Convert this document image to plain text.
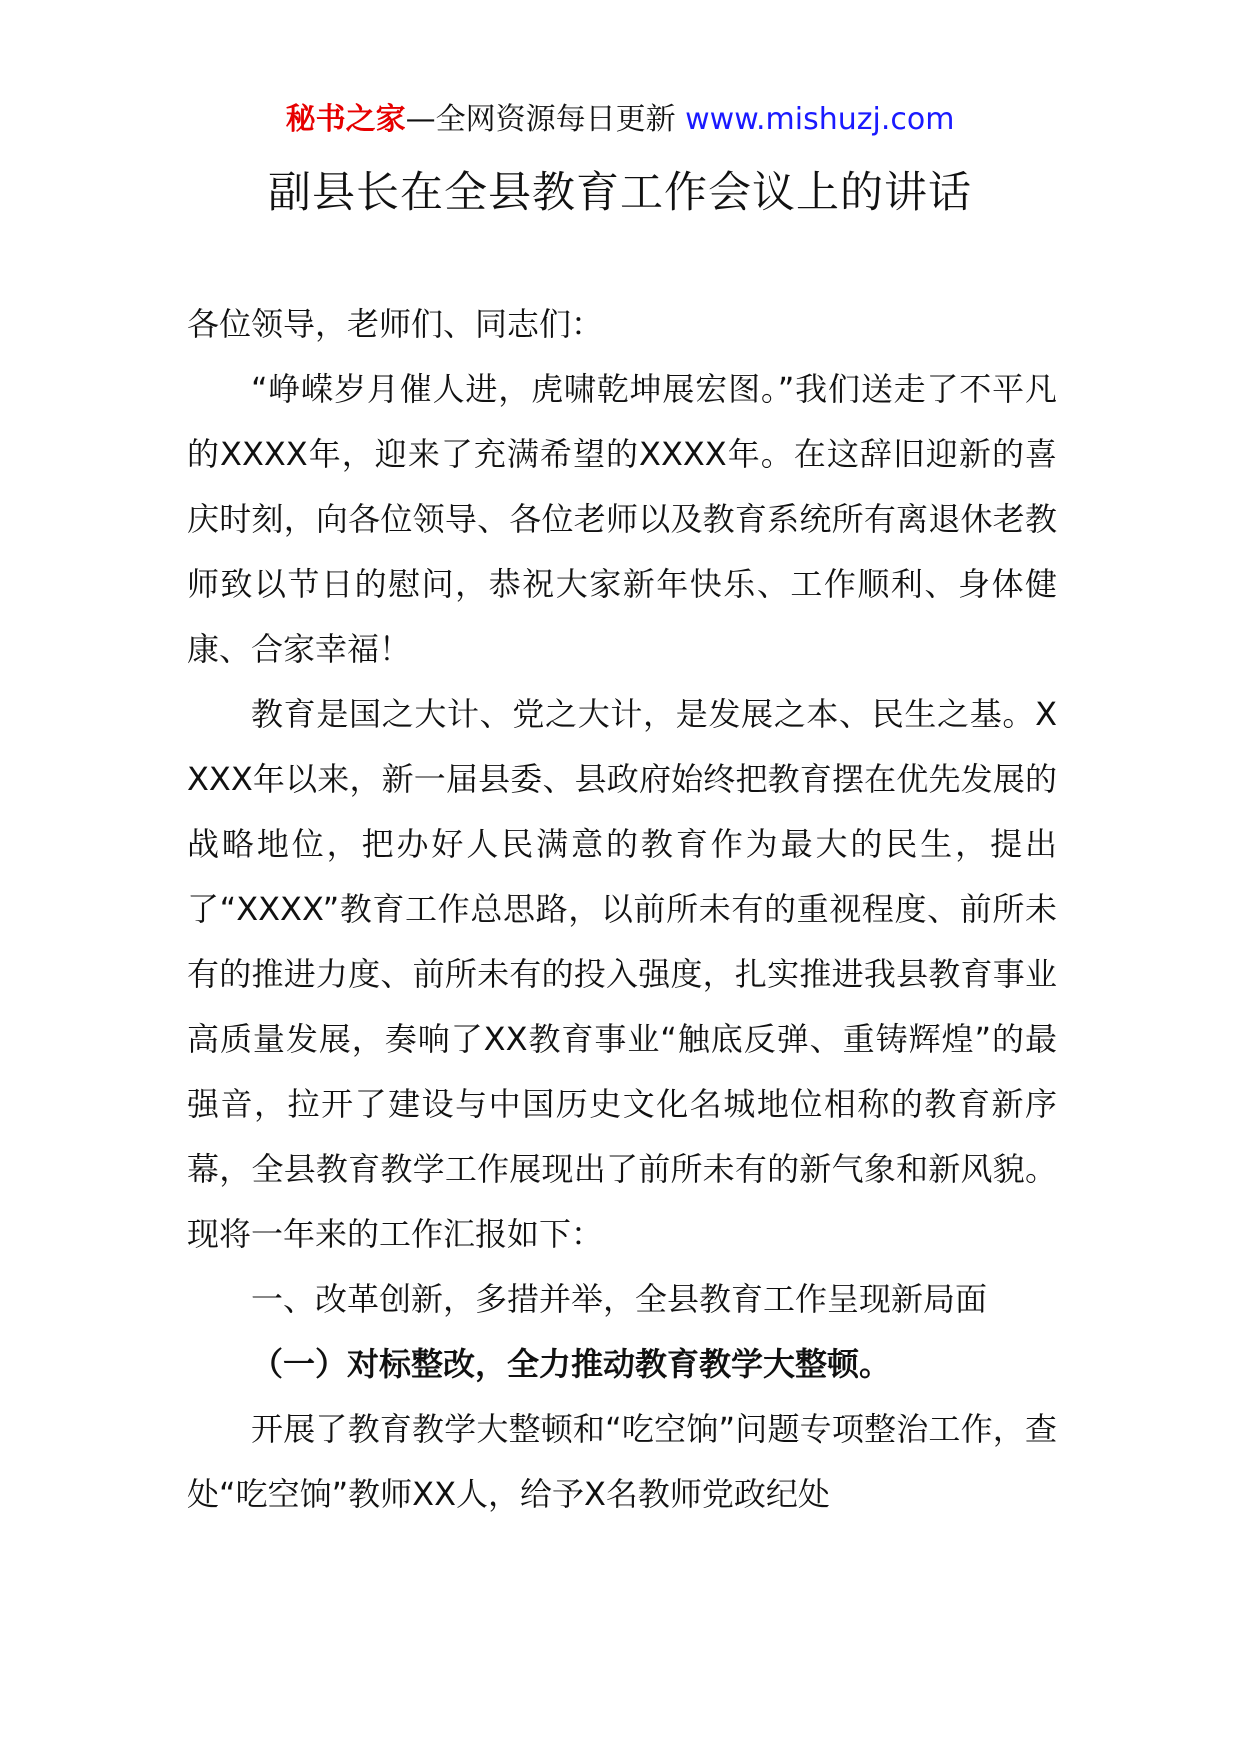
秘书之家—全网资源每日更新 www.mishuzj.com
副县长在全县教育工作会议上的讲话

各位领导，老师们、同志们：

“峥嵘岁月催人进，虎啸乾坤展宏图。”我们送走了不平凡的XXXX年，迎来了充满希望的XXXX年。在这辞旧迎新的喜庆时刻，向各位领导、各位老师以及教育系统所有离退休老教师致以节日的慰问，恭祝大家新年快乐、工作顺利、身体健康、合家幸福！

教育是国之大计、党之大计，是发展之本、民生之基。XXXX年以来，新一届县委、县政府始终把教育摆在优先发展的战略地位，把办好人民满意的教育作为最大的民生，提出了“XXXX”教育工作总思路，以前所未有的重视程度、前所未有的推进力度、前所未有的投入强度，扎实推进我县教育事业高质量发展，奏响了XX教育事业“触底反弹、重铸辉煌”的最强音，拉开了建设与中国历史文化名城地位相称的教育新序幕，全县教育教学工作展现出了前所未有的新气象和新风貌。现将一年来的工作汇报如下：

一、改革创新，多措并举，全县教育工作呈现新局面

（一）对标整改，全力推动教育教学大整顿。

开展了教育教学大整顿和“吃空饷”问题专项整治工作，查处“吃空饷”教师XX人，给予X名教师党政纪处
